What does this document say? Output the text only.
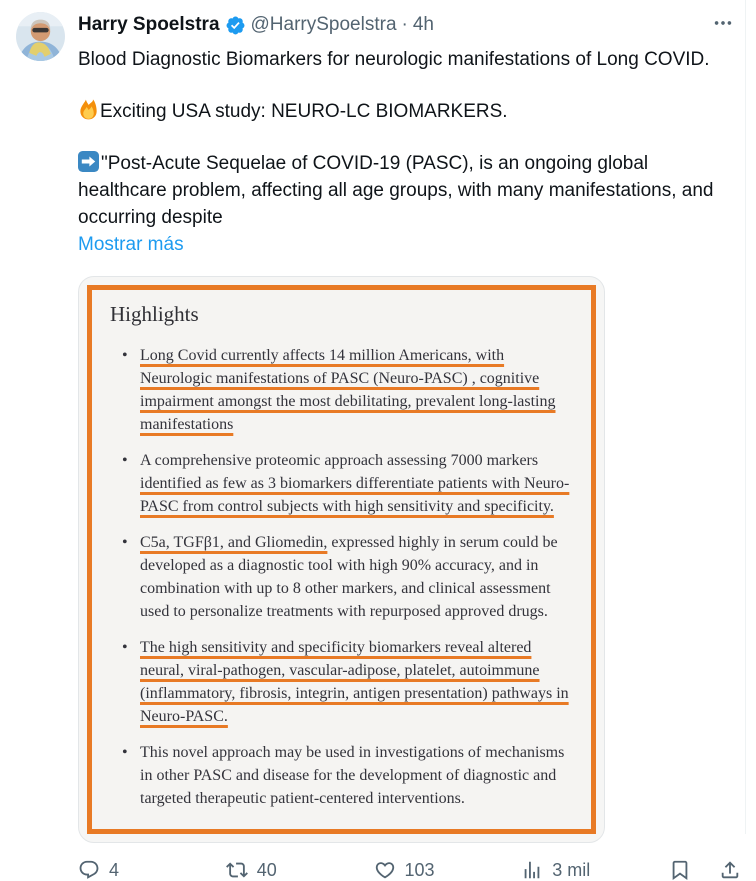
Harry Spoelstra @HarrySpoelstra · 4h

Blood Diagnostic Biomarkers for neurologic manifestations of Long COVID.

Exciting USA study: NEURO-LC BIOMARKERS.

"Post-Acute Sequelae of COVID-19 (PASC), is an ongoing global healthcare problem, affecting all age groups, with many manifestations, and occurring despite

Mostrar más
Highlights
• Long Covid currently affects 14 million Americans, with Neurologic manifestations of PASC (Neuro-PASC) , cognitive impairment amongst the most debilitating, prevalent long-lasting manifestations
• A comprehensive proteomic approach assessing 7000 markers identified as few as 3 biomarkers differentiate patients with Neuro-PASC from control subjects with high sensitivity and specificity.
• C5a, TGFβ1, and Gliomedin, expressed highly in serum could be developed as a diagnostic tool with high 90% accuracy, and in combination with up to 8 other markers, and clinical assessment used to personalize treatments with repurposed approved drugs.
• The high sensitivity and specificity biomarkers reveal altered neural, viral-pathogen, vascular-adipose, platelet, autoimmune (inflammatory, fibrosis, integrin, antigen presentation) pathways in Neuro-PASC.
• This novel approach may be used in investigations of mechanisms in other PASC and disease for the development of diagnostic and targeted therapeutic patient-centered interventions.
4	40	103	3 mil
